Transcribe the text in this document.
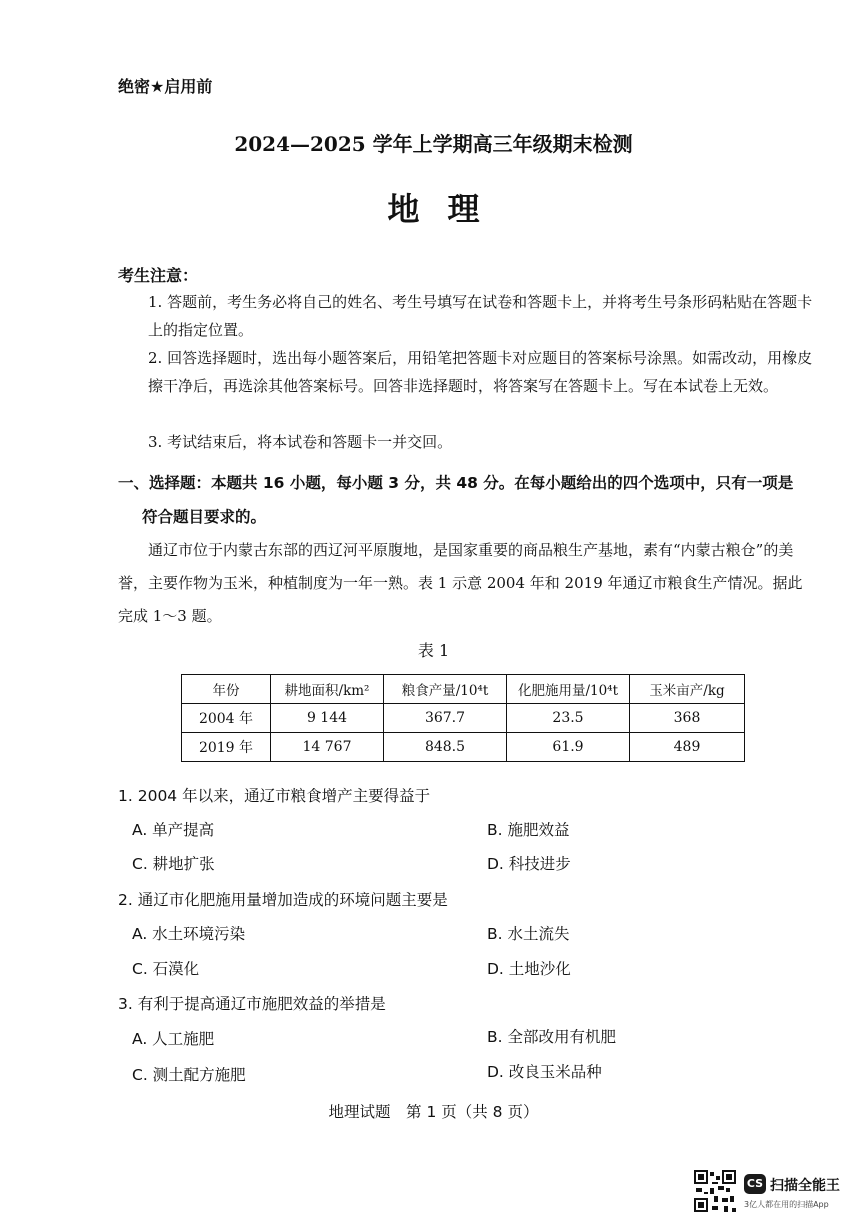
绝密★启用前
2024—2025 学年上学期高三年级期末检测
地理
考生注意：
1. 答题前，考生务必将自己的姓名、考生号填写在试卷和答题卡上，并将考生号条形码粘贴在答题卡上的指定位置。
2. 回答选择题时，选出每小题答案后，用铅笔把答题卡对应题目的答案标号涂黑。如需改动，用橡皮擦干净后，再选涂其他答案标号。回答非选择题时，将答案写在答题卡上。写在本试卷上无效。
3. 考试结束后，将本试卷和答题卡一并交回。
一、选择题：本题共 16 小题，每小题 3 分，共 48 分。在每小题给出的四个选项中，只有一项是
符合题目要求的。
通辽市位于内蒙古东部的西辽河平原腹地，是国家重要的商品粮生产基地，素有“内蒙古粮仓”的美誉，主要作物为玉米，种植制度为一年一熟。表 1 示意 2004 年和 2019 年通辽市粮食生产情况。据此完成 1～3 题。
表 1
年份	耕地面积/km²	粮食产量/10⁴t	化肥施用量/10⁴t	玉米亩产/kg
2004 年	9 144	367.7	23.5	368
2019 年	14 767	848.5	61.9	489
1. 2004 年以来，通辽市粮食增产主要得益于
A. 单产提高	B. 施肥效益
C. 耕地扩张	D. 科技进步
2. 通辽市化肥施用量增加造成的环境问题主要是
A. 水土环境污染	B. 水土流失
C. 石漠化	D. 土地沙化
3. 有利于提高通辽市施肥效益的举措是
A. 人工施肥	B. 全部改用有机肥
C. 测土配方施肥	D. 改良玉米品种
地理试题　第 1 页（共 8 页）
CS 扫描全能王
3亿人都在用的扫描App
